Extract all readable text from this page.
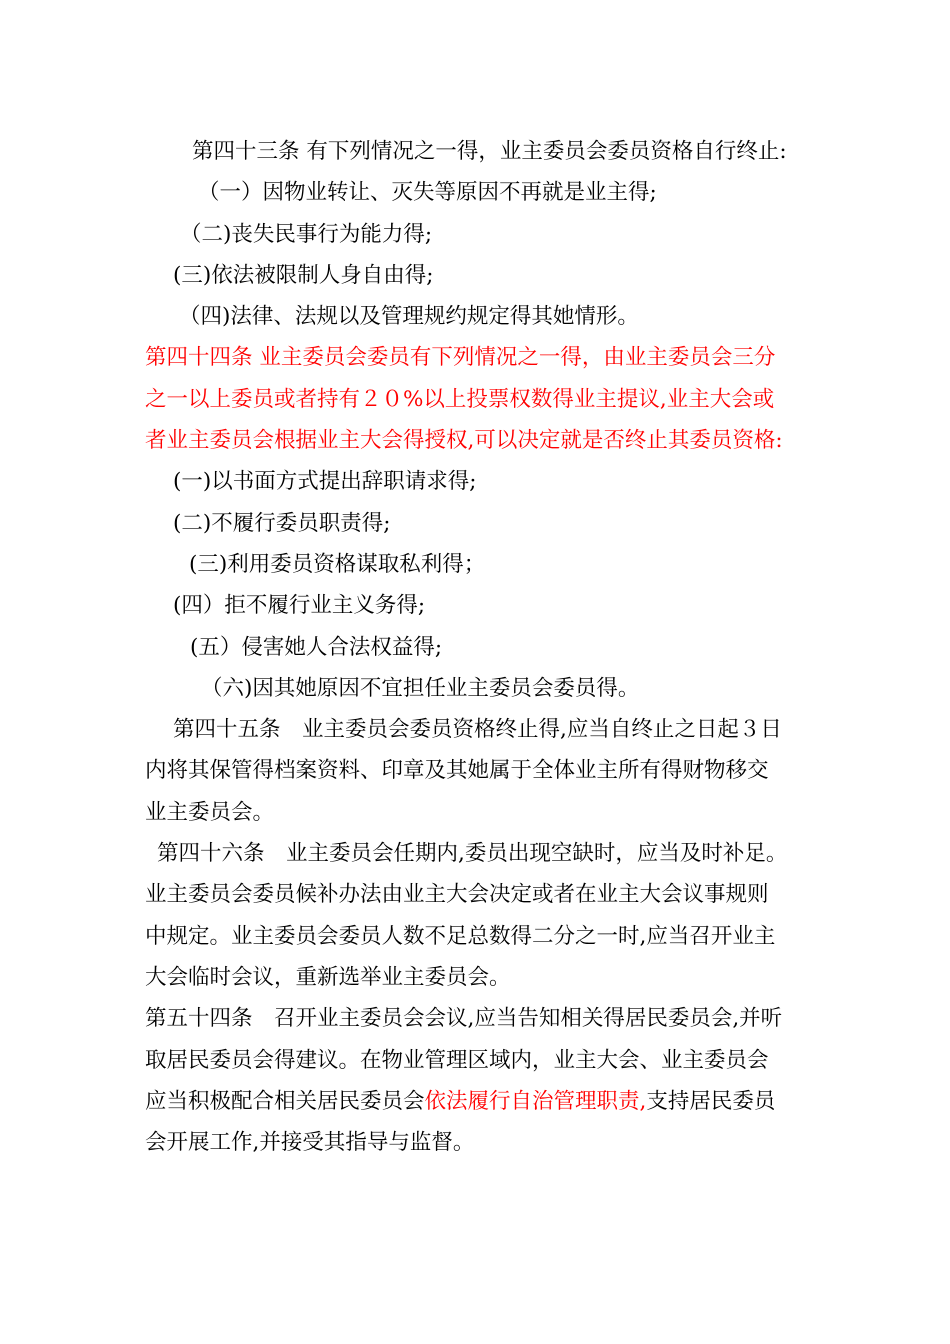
第四十三条 有下列情况之一得，业主委员会委员资格自行终止:
（一）因物业转让、灭失等原因不再就是业主得;
（二)丧失民事行为能力得;
(三)依法被限制人身自由得;
（四)法律、法规以及管理规约规定得其她情形。
第四十四条 业主委员会委员有下列情况之一得，由业主委员会三分
之一以上委员或者持有２０%以上投票权数得业主提议,业主大会或
者业主委员会根据业主大会得授权,可以决定就是否终止其委员资格:
(一)以书面方式提出辞职请求得;
(二)不履行委员职责得;
(三)利用委员资格谋取私利得；
(四）拒不履行业主义务得;
(五）侵害她人合法权益得;
（六)因其她原因不宜担任业主委员会委员得。
第四十五条　业主委员会委员资格终止得,应当自终止之日起３日
内将其保管得档案资料、印章及其她属于全体业主所有得财物移交
业主委员会。
第四十六条　业主委员会任期内,委员出现空缺时，应当及时补足。
业主委员会委员候补办法由业主大会决定或者在业主大会议事规则
中规定。业主委员会委员人数不足总数得二分之一时,应当召开业主
大会临时会议，重新选举业主委员会。
第五十四条　召开业主委员会会议,应当告知相关得居民委员会,并听
取居民委员会得建议。在物业管理区域内，业主大会、业主委员会
应当积极配合相关居民委员会依法履行自治管理职责,支持居民委员
会开展工作,并接受其指导与监督。
